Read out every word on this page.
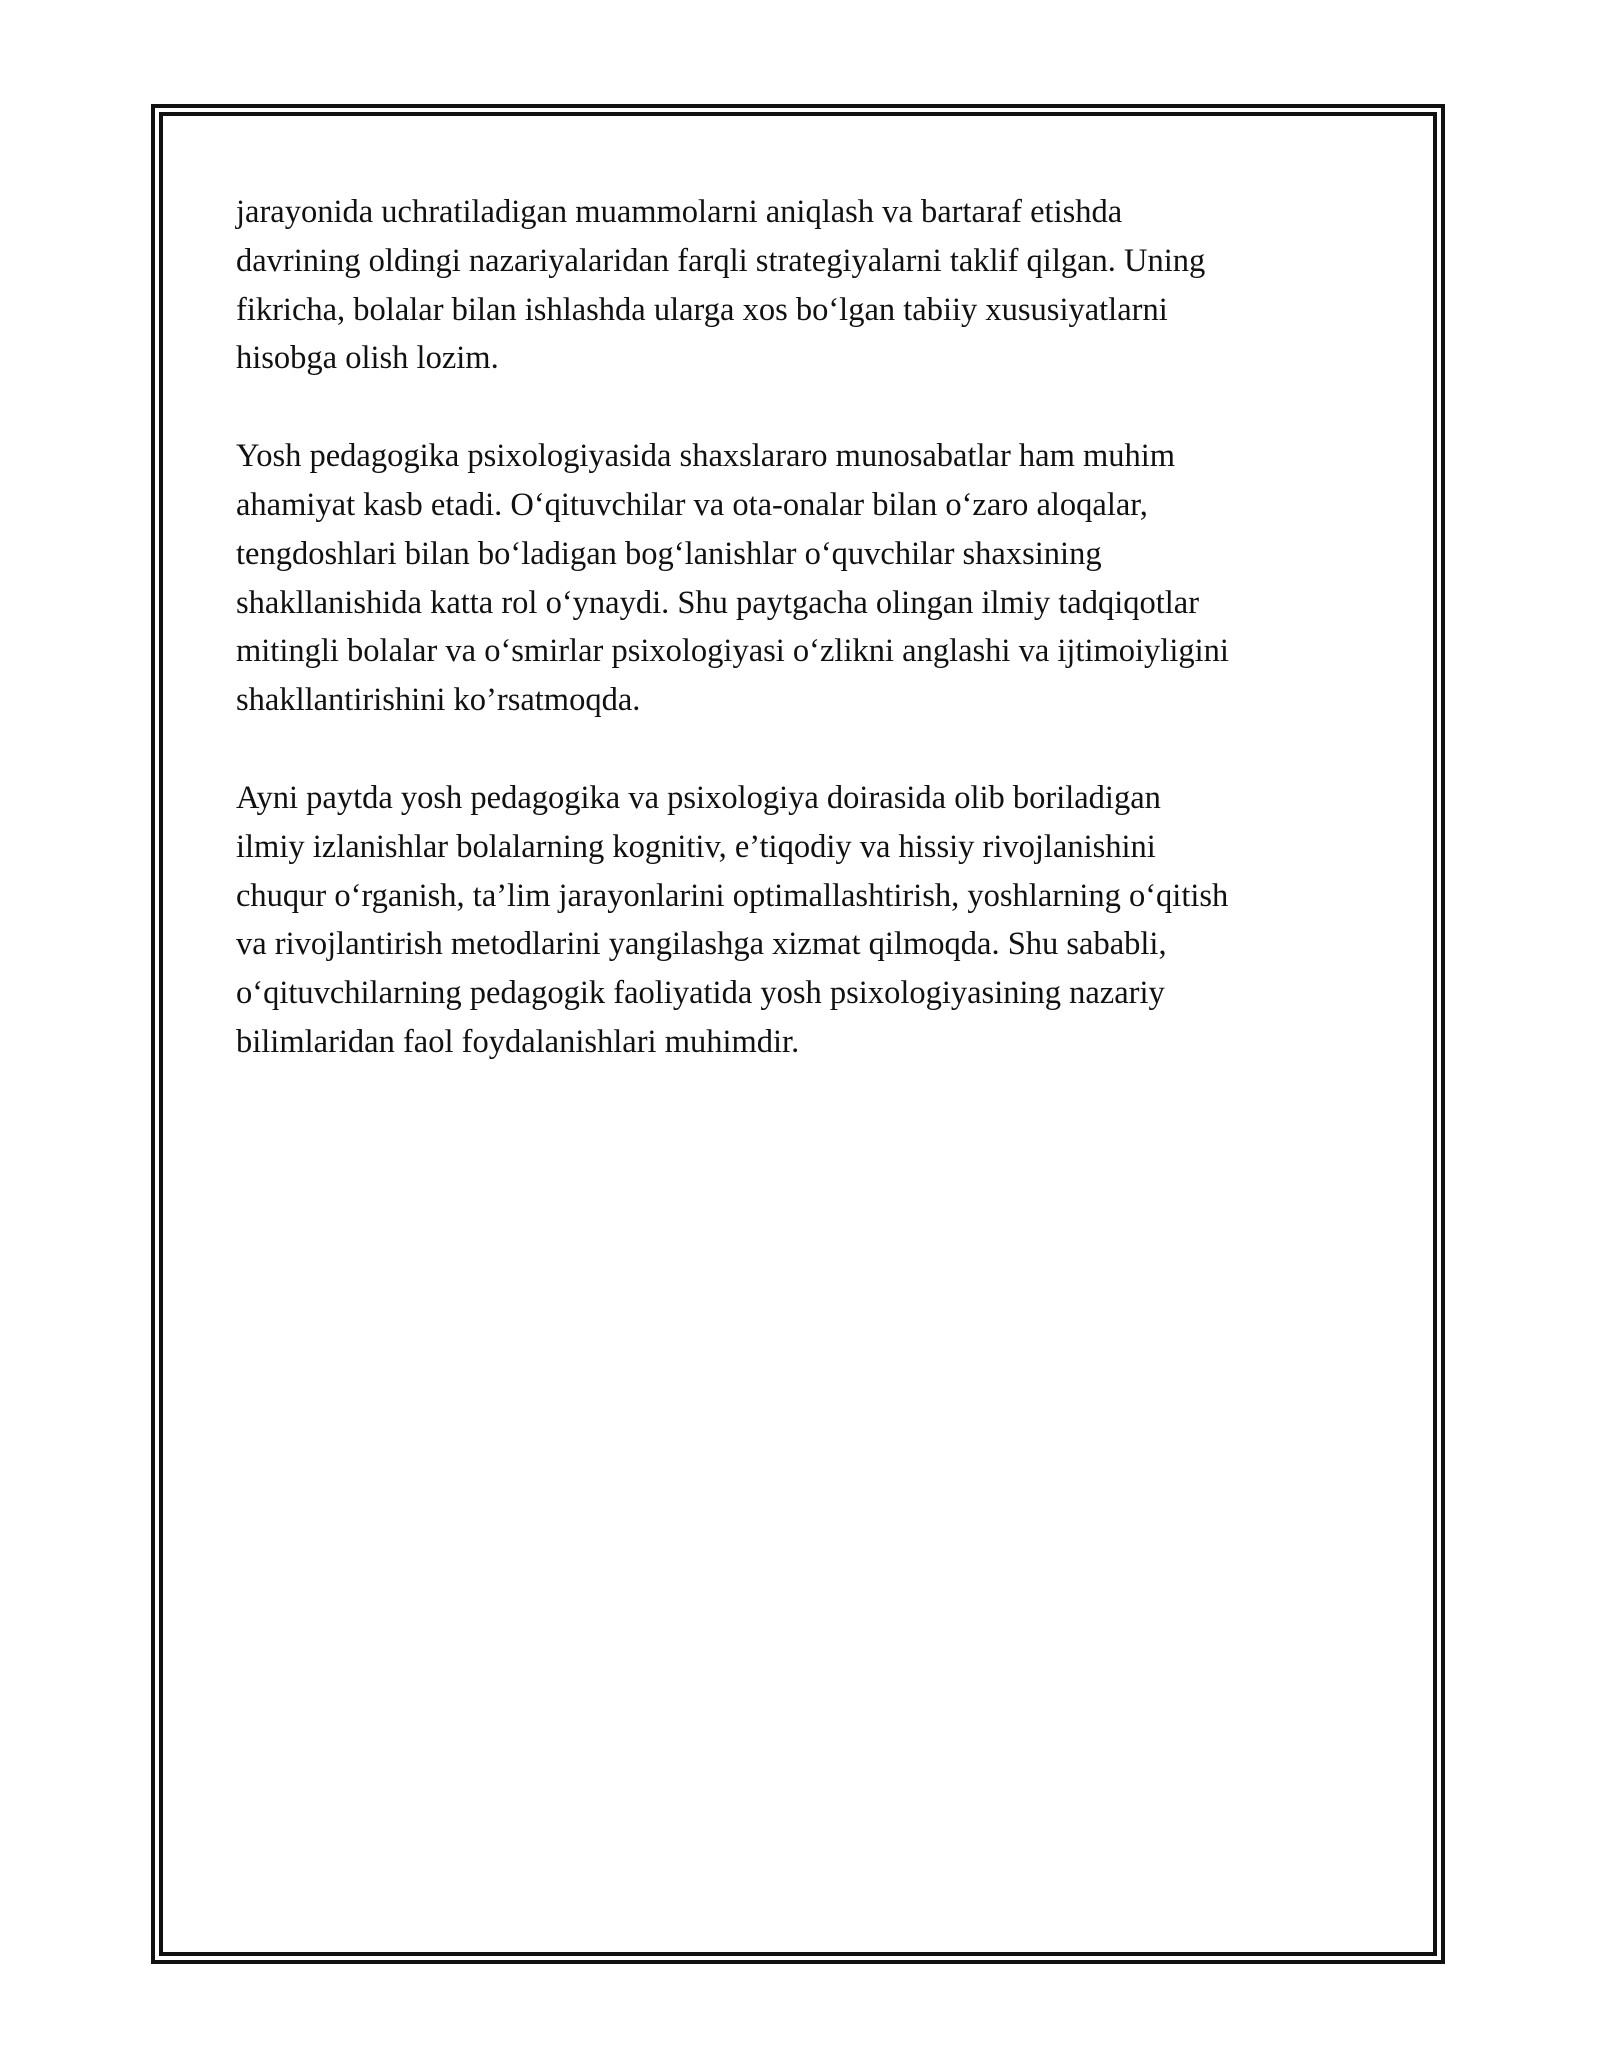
jarayonida uchratiladigan muammolarni aniqlash va bartaraf etishda
davrining oldingi nazariyalaridan farqli strategiyalarni taklif qilgan. Uning
fikricha, bolalar bilan ishlashda ularga xos bo‘lgan tabiiy xususiyatlarni
hisobga olish lozim.

Yosh pedagogika psixologiyasida shaxslararo munosabatlar ham muhim
ahamiyat kasb etadi. O‘qituvchilar va ota-onalar bilan o‘zaro aloqalar,
tengdoshlari bilan bo‘ladigan bog‘lanishlar o‘quvchilar shaxsining
shakllanishida katta rol o‘ynaydi. Shu paytgacha olingan ilmiy tadqiqotlar
mitingli bolalar va o‘smirlar psixologiyasi o‘zlikni anglashi va ijtimoiyligini
shakllantirishini ko’rsatmoqda.

Ayni paytda yosh pedagogika va psixologiya doirasida olib boriladigan
ilmiy izlanishlar bolalarning kognitiv, e’tiqodiy va hissiy rivojlanishini
chuqur o‘rganish, ta’lim jarayonlarini optimallashtirish, yoshlarning o‘qitish
va rivojlantirish metodlarini yangilashga xizmat qilmoqda. Shu sababli,
o‘qituvchilarning pedagogik faoliyatida yosh psixologiyasining nazariy
bilimlaridan faol foydalanishlari muhimdir.
